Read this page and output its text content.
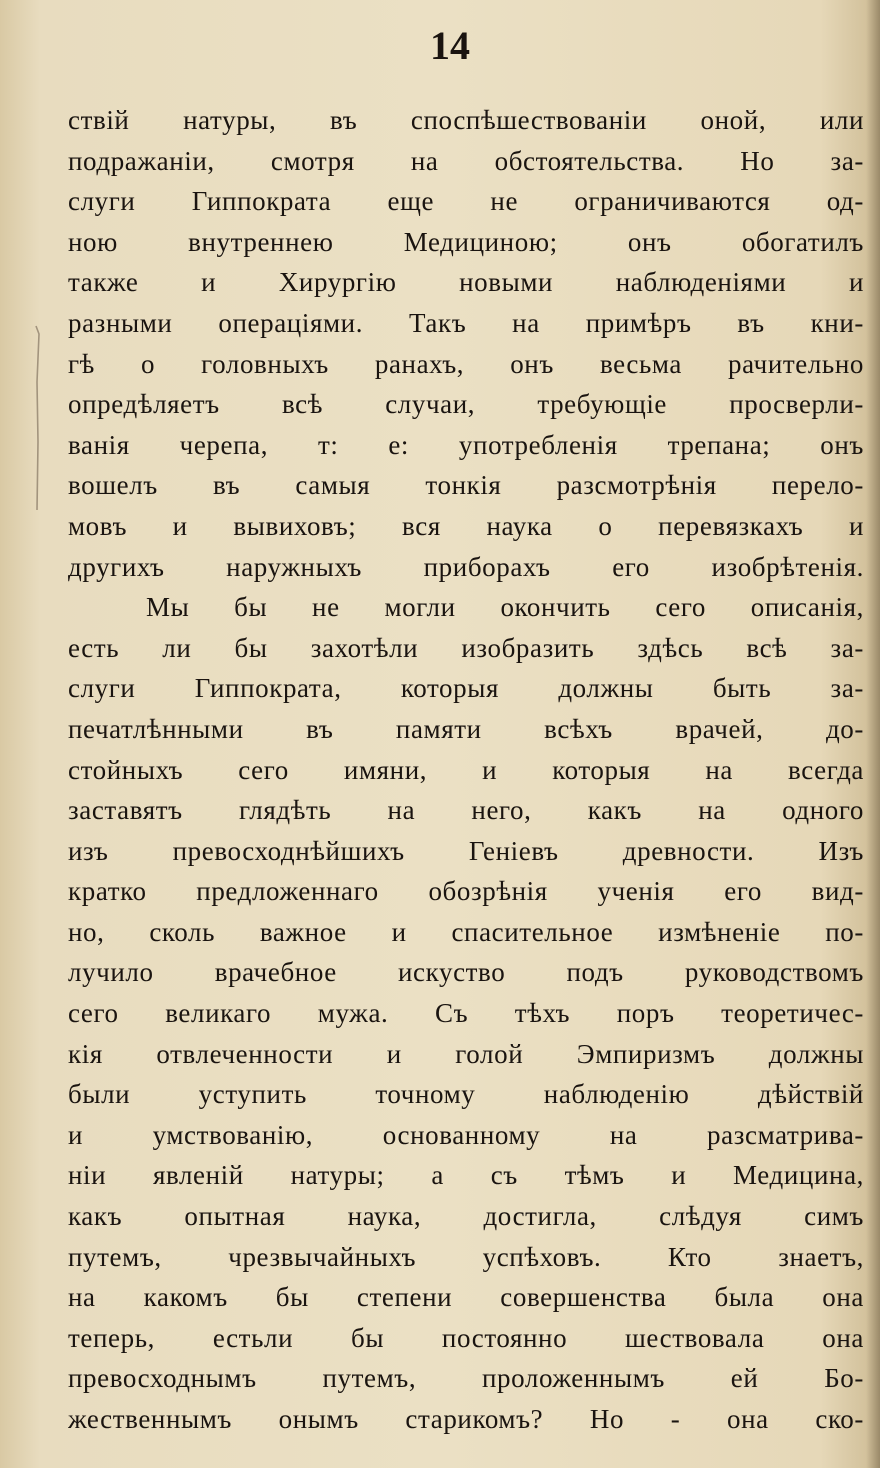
14
ствій натуры, въ споспѣшествованіи оной, или
подражаніи, смотря на обстоятельства. Но за-
слуги Гиппократа еще не ограничиваются од-
ною внутреннею Медициною; онъ обогатилъ
также и Хирургію новыми наблюденіями и
разными операціями. Такъ на примѣръ въ кни-
гѣ о головныхъ ранахъ, онъ весьма рачительно
опредѣляетъ всѣ случаи, требующіе просверли-
ванія черепа, т: е: употребленія трепана; онъ
вошелъ въ самыя тонкія разсмотрѣнія перело-
мовъ и вывиховъ; вся наука о перевязкахъ и
другихъ наружныхъ приборахъ его изобрѣтенія.
Мы бы не могли окончить сего описанія,
есть ли бы захотѣли изобразить здѣсь всѣ за-
слуги Гиппократа, которыя должны быть за-
печатлѣнными въ памяти всѣхъ врачей, до-
стойныхъ сего имяни, и которыя на всегда
заставятъ глядѣть на него, какъ на одного
изъ превосходнѣйшихъ Геніевъ древности. Изъ
кратко предложеннаго обозрѣнія ученія его вид-
но, сколь важное и спасительное измѣненіе по-
лучило врачебное искуство подъ руководствомъ
сего великаго мужа. Съ тѣхъ поръ теоретичес-
кія отвлеченности и голой Эмпиризмъ должны
были уступить точному наблюденію дѣйствій
и умствованію, основанному на разсматрива-
ніи явленій натуры; а съ тѣмъ и Медицина,
какъ опытная наука, достигла, слѣдуя симъ
путемъ, чрезвычайныхъ успѣховъ. Кто знаетъ,
на какомъ бы степени совершенства была она
теперь, естьли бы постоянно шествовала она
превосходнымъ путемъ, проложеннымъ ей Бо-
жественнымъ онымъ старикомъ? Но - она ско-
